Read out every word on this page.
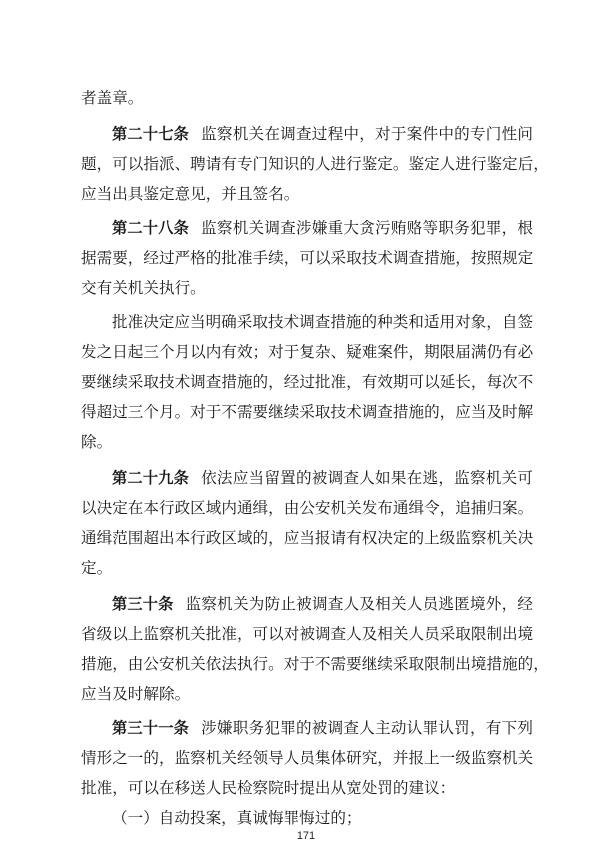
者盖章。
第二十七条 监察机关在调查过程中，对于案件中的专门性问
题，可以指派、聘请有专门知识的人进行鉴定。鉴定人进行鉴定后，
应当出具鉴定意见，并且签名。
第二十八条 监察机关调查涉嫌重大贪污贿赂等职务犯罪，根
据需要，经过严格的批准手续，可以采取技术调查措施，按照规定
交有关机关执行。
批准决定应当明确采取技术调查措施的种类和适用对象，自签
发之日起三个月以内有效；对于复杂、疑难案件，期限届满仍有必
要继续采取技术调查措施的，经过批准，有效期可以延长，每次不
得超过三个月。对于不需要继续采取技术调查措施的，应当及时解
除。
第二十九条 依法应当留置的被调查人如果在逃，监察机关可
以决定在本行政区域内通缉，由公安机关发布通缉令，追捕归案。
通缉范围超出本行政区域的，应当报请有权决定的上级监察机关决
定。
第三十条 监察机关为防止被调查人及相关人员逃匿境外，经
省级以上监察机关批准，可以对被调查人及相关人员采取限制出境
措施，由公安机关依法执行。对于不需要继续采取限制出境措施的，
应当及时解除。
第三十一条 涉嫌职务犯罪的被调查人主动认罪认罚，有下列
情形之一的，监察机关经领导人员集体研究，并报上一级监察机关
批准，可以在移送人民检察院时提出从宽处罚的建议：
（一）自动投案，真诚悔罪悔过的；
171
